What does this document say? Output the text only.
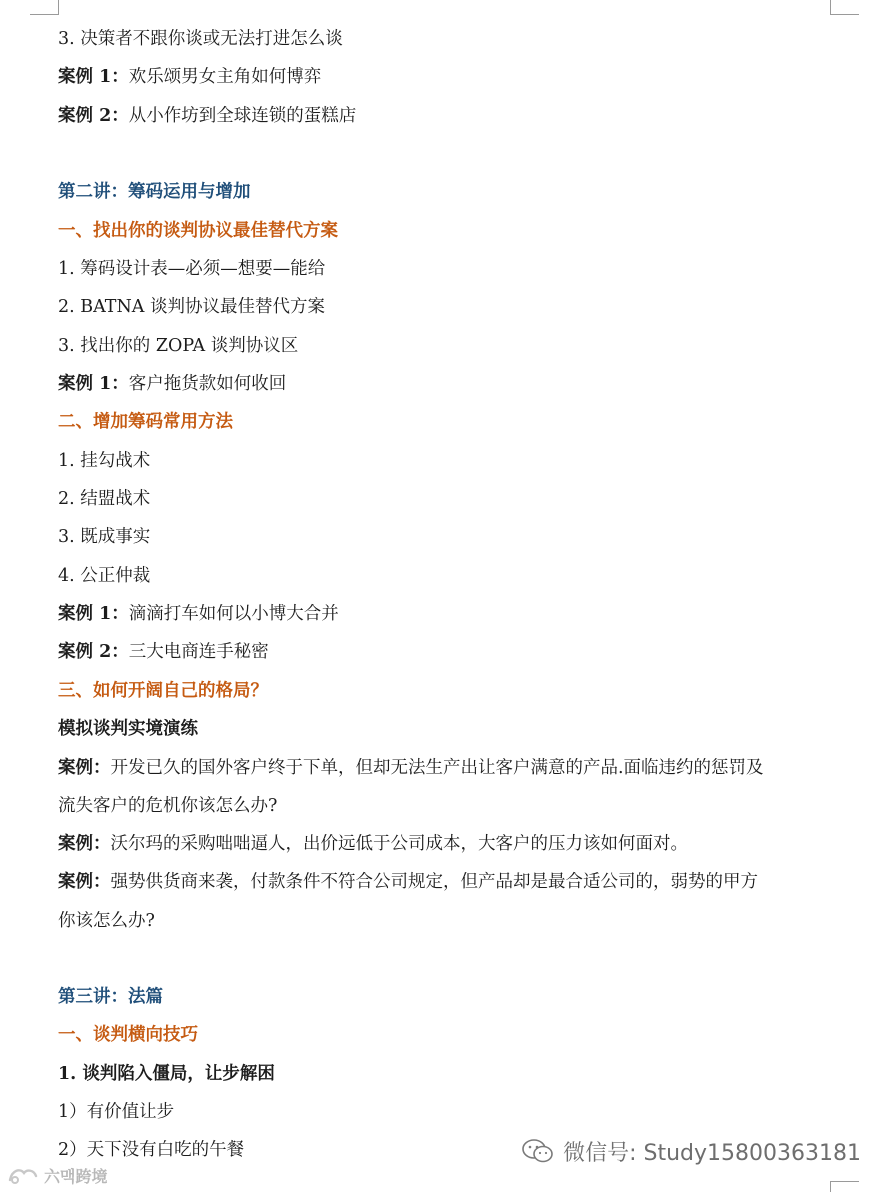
3. 决策者不跟你谈或无法打进怎么谈

案例 1：欢乐颂男女主角如何博弈

案例 2：从小作坊到全球连锁的蛋糕店

第二讲：筹码运用与增加

一、找出你的谈判协议最佳替代方案

1. 筹码设计表—必须—想要—能给

2. BATNA 谈判协议最佳替代方案

3. 找出你的 ZOPA 谈判协议区

案例 1：客户拖货款如何收回

二、增加筹码常用方法

1. 挂勾战术

2. 结盟战术

3. 既成事实

4. 公正仲裁

案例 1：滴滴打车如何以小博大合并

案例 2：三大电商连手秘密

三、如何开阔自己的格局？

模拟谈判实境演练

案例：开发已久的国外客户终于下单，但却无法生产出让客户满意的产品.面临违约的惩罚及

流失客户的危机你该怎么办?

案例：沃尔玛的采购咄咄逼人，出价远低于公司成本，大客户的压力该如何面对。

案例：强势供货商来袭，付款条件不符合公司规定，但产品却是最合适公司的，弱势的甲方

你该怎么办?

第三讲：法篇

一、谈判横向技巧

1. 谈判陷入僵局，让步解困

1）有价值让步

2）天下没有白吃的午餐	微信号: Study15800363181
六맥跨境
